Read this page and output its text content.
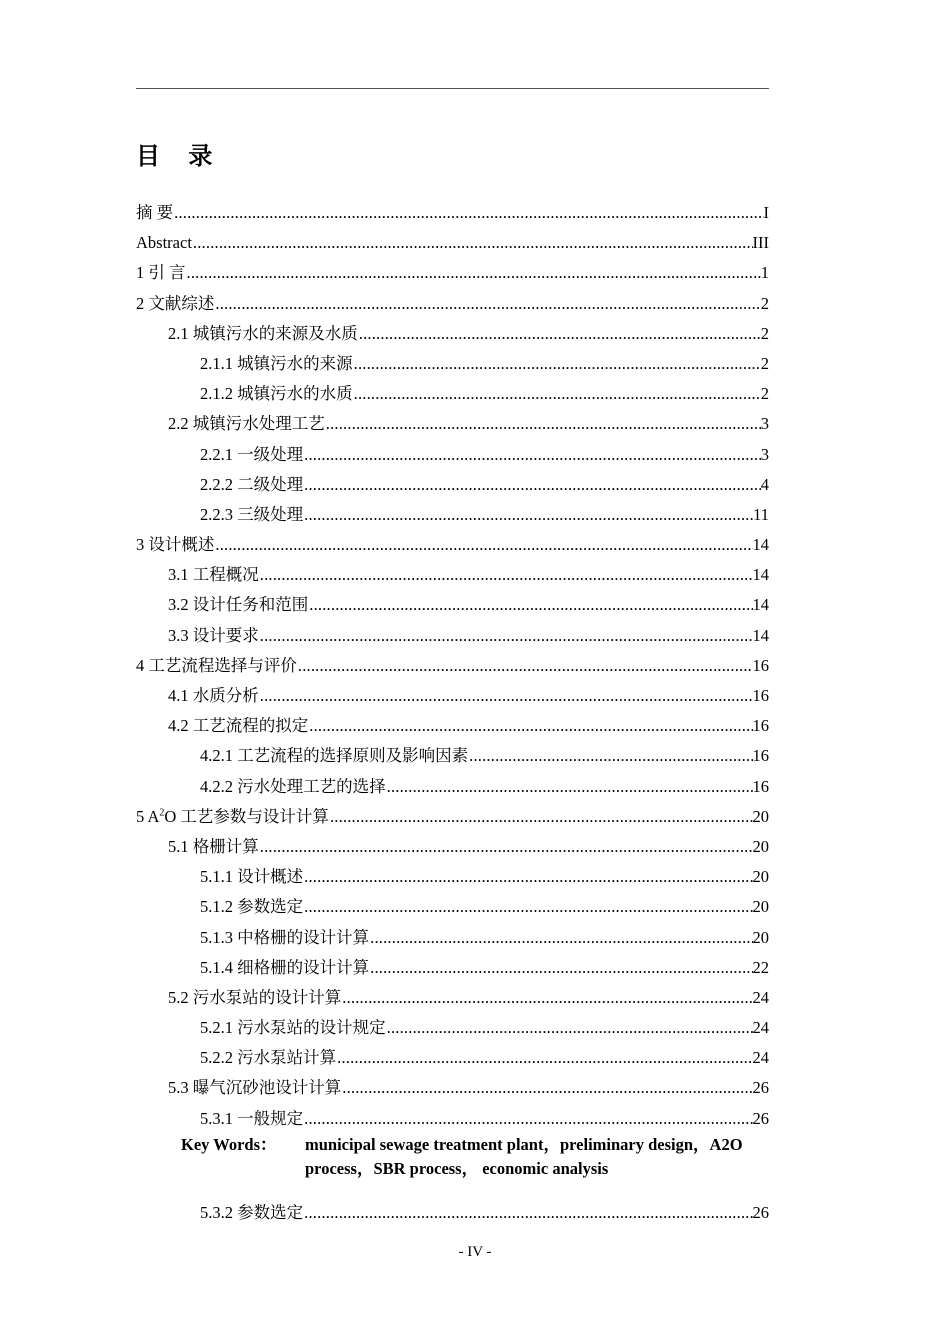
目 录
摘 要 .....	I
Abstract .....	III
1 引 言 .....	1
2 文献综述 .....	2
2.1 城镇污水的来源及水质 .....	2
2.1.1 城镇污水的来源 .....	2
2.1.2 城镇污水的水质 .....	2
2.2 城镇污水处理工艺 .....	3
2.2.1 一级处理 .....	3
2.2.2 二级处理 .....	4
2.2.3 三级处理 .....	11
3 设计概述 .....	14
3.1 工程概况 .....	14
3.2 设计任务和范围 .....	14
3.3 设计要求 .....	14
4 工艺流程选择与评价 .....	16
4.1 水质分析 .....	16
4.2 工艺流程的拟定 .....	16
4.2.1 工艺流程的选择原则及影响因素 .....	16
4.2.2 污水处理工艺的选择 .....	16
5 $A^2O$ 工艺参数与设计计算 .....	20
5.1 格栅计算 .....	20
5.1.1 设计概述 .....	20
5.1.2 参数选定 .....	20
5.1.3 中格栅的设计计算 .....	20
5.1.4 细格栅的设计计算 .....	22
5.2 污水泵站的设计计算 .....	24
5.2.1 污水泵站的设计规定 .....	24
5.2.2 污水泵站计算 .....	24
5.3 曝气沉砂池设计计算 .....	26
5.3.1 一般规定 .....	26
Key Words：	municipal sewage treatment plant，preliminary design，A2O
process，SBR process， economic analysis
5.3.2 参数选定 .....	26
- IV -
